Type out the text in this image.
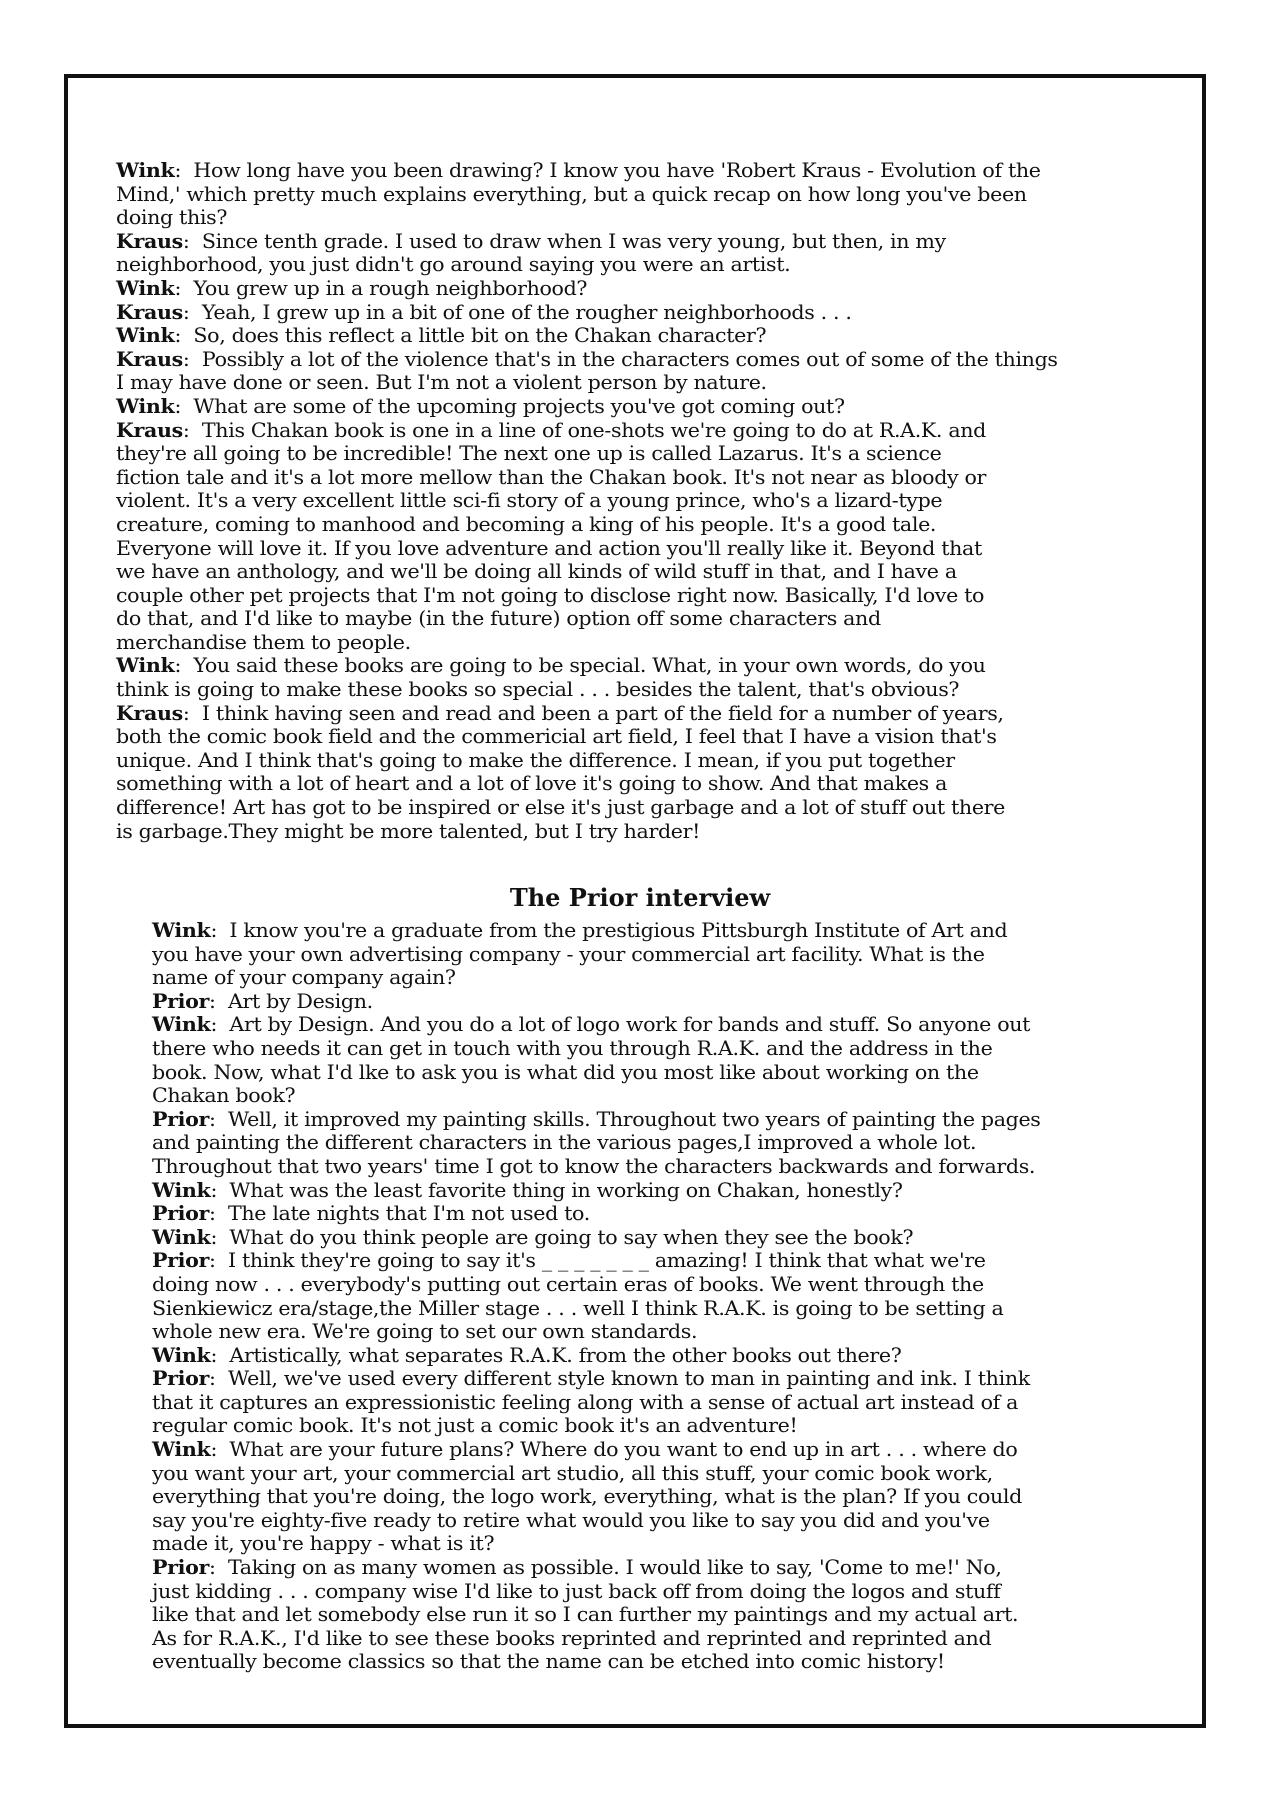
Wink:  How long have you been drawing? I know you have 'Robert Kraus - Evolution of the
Mind,' which pretty much explains everything, but a quick recap on how long you've been
doing this?
Kraus:  Since tenth grade. I used to draw when I was very young, but then, in my
neighborhood, you just didn't go around saying you were an artist.
Wink:  You grew up in a rough neighborhood?
Kraus:  Yeah, I grew up in a bit of one of the rougher neighborhoods . . .
Wink:  So, does this reflect a little bit on the Chakan character?
Kraus:  Possibly a lot of the violence that's in the characters comes out of some of the things
I may have done or seen. But I'm not a violent person by nature.
Wink:  What are some of the upcoming projects you've got coming out?
Kraus:  This Chakan book is one in a line of one-shots we're going to do at R.A.K. and
they're all going to be incredible! The next one up is called Lazarus. It's a science
fiction tale and it's a lot more mellow than the Chakan book. It's not near as bloody or
violent. It's a very excellent little sci-fi story of a young prince, who's a lizard-type
creature, coming to manhood and becoming a king of his people. It's a good tale.
Everyone will love it. If you love adventure and action you'll really like it. Beyond that
we have an anthology, and we'll be doing all kinds of wild stuff in that, and I have a
couple other pet projects that I'm not going to disclose right now. Basically, I'd love to
do that, and I'd like to maybe (in the future) option off some characters and
merchandise them to people.
Wink:  You said these books are going to be special. What, in your own words, do you
think is going to make these books so special . . . besides the talent, that's obvious?
Kraus:  I think having seen and read and been a part of the field for a number of years,
both the comic book field and the commericial art field, I feel that I have a vision that's
unique. And I think that's going to make the difference. I mean, if you put together
something with a lot of heart and a lot of love it's going to show. And that makes a
difference! Art has got to be inspired or else it's just garbage and a lot of stuff out there
is garbage.They might be more talented, but I try harder!
The Prior interview
Wink:  I know you're a graduate from the prestigious Pittsburgh Institute of Art and
you have your own advertising company - your commercial art facility. What is the
name of your company again?
Prior:  Art by Design.
Wink:  Art by Design. And you do a lot of logo work for bands and stuff. So anyone out
there who needs it can get in touch with you through R.A.K. and the address in the
book. Now, what I'd lke to ask you is what did you most like about working on the
Chakan book?
Prior:  Well, it improved my painting skills. Throughout two years of painting the pages
and painting the different characters in the various pages,I improved a whole lot.
Throughout that two years' time I got to know the characters backwards and forwards.
Wink:  What was the least favorite thing in working on Chakan, honestly?
Prior:  The late nights that I'm not used to.
Wink:  What do you think people are going to say when they see the book?
Prior:  I think they're going to say it's _ _ _ _ _ _ _ amazing! I think that what we're
doing now . . . everybody's putting out certain eras of books. We went through the
Sienkiewicz era/stage,the Miller stage . . . well I think R.A.K. is going to be setting a
whole new era. We're going to set our own standards.
Wink:  Artistically, what separates R.A.K. from the other books out there?
Prior:  Well, we've used every different style known to man in painting and ink. I think
that it captures an expressionistic feeling along with a sense of actual art instead of a
regular comic book. It's not just a comic book it's an adventure!
Wink:  What are your future plans? Where do you want to end up in art . . . where do
you want your art, your commercial art studio, all this stuff, your comic book work,
everything that you're doing, the logo work, everything, what is the plan? If you could
say you're eighty-five ready to retire what would you like to say you did and you've
made it, you're happy - what is it?
Prior:  Taking on as many women as possible. I would like to say, 'Come to me!' No,
just kidding . . . company wise I'd like to just back off from doing the logos and stuff
like that and let somebody else run it so I can further my paintings and my actual art.
As for R.A.K., I'd like to see these books reprinted and reprinted and reprinted and
eventually become classics so that the name can be etched into comic history!
